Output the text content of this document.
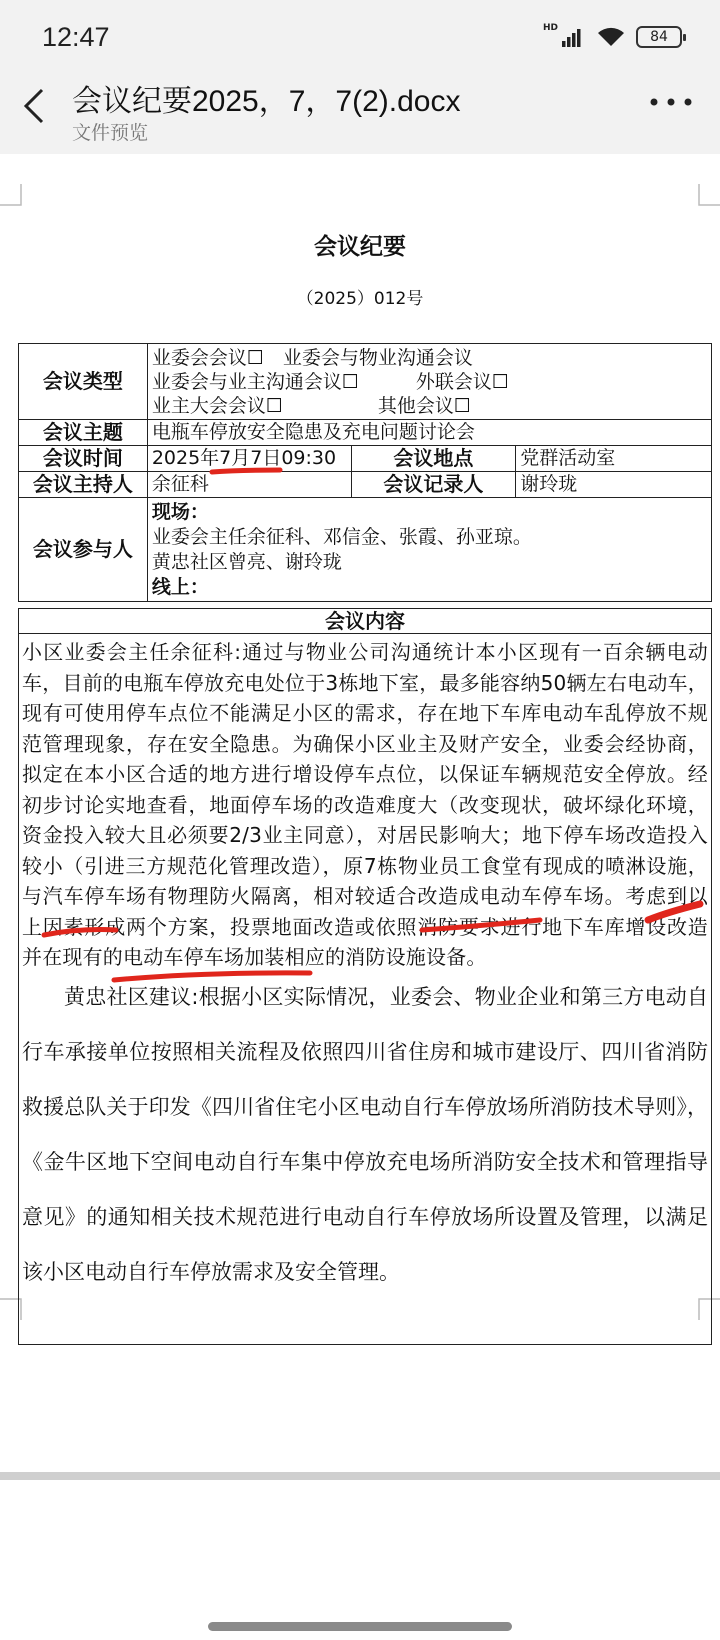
12:47	HD
84
会议纪要2025，7，7(2).docx
文件预览
会议纪要
（2025）012号
会议类型	业委会会议☐　业委会与物业沟通会议
业委会与业主沟通会议☐　　　外联会议☐
业主大会会议☐　　　　　其他会议☐		

会议主题	电瓶车停放安全隐患及充电问题讨论会		
会议时间	2025年7月7日09:30	会议地点	党群活动室
会议主持人	余征科	会议记录人	谢玲珑
会议参与人	现场：
业委会主任余征科、邓信金、张霞、孙亚琼。
黄忠社区曾亮、谢玲珑
线上：		
会议内容
小区业委会主任余征科:通过与物业公司沟通统计本小区现有一百余辆电动车，目前的电瓶车停放充电处位于3栋地下室，最多能容纳50辆左右电动车，现有可使用停车点位不能满足小区的需求，存在地下车库电动车乱停放不规范管理现象，存在安全隐患。为确保小区业主及财产安全，业委会经协商，拟定在本小区合适的地方进行增设停车点位，以保证车辆规范安全停放。经初步讨论实地查看，地面停车场的改造难度大（改变现状，破坏绿化环境，资金投入较大且必须要2/3业主同意），对居民影响大；地下停车场改造投入较小（引进三方规范化管理改造），原7栋物业员工食堂有现成的喷淋设施，与汽车停车场有物理防火隔离，相对较适合改造成电动车停车场。考虑到以上因素形成两个方案，投票地面改造或依照消防要求进行地下车库增设改造并在现有的电动车停车场加装相应的消防设施设备。
黄忠社区建议:根据小区实际情况，业委会、物业企业和第三方电动自行车承接单位按照相关流程及依照四川省住房和城市建设厅、四川省消防救援总队关于印发《四川省住宅小区电动自行车停放场所消防技术导则》，《金牛区地下空间电动自行车集中停放充电场所消防安全技术和管理指导意见》的通知相关技术规范进行电动自行车停放场所设置及管理，以满足该小区电动自行车停放需求及安全管理。
